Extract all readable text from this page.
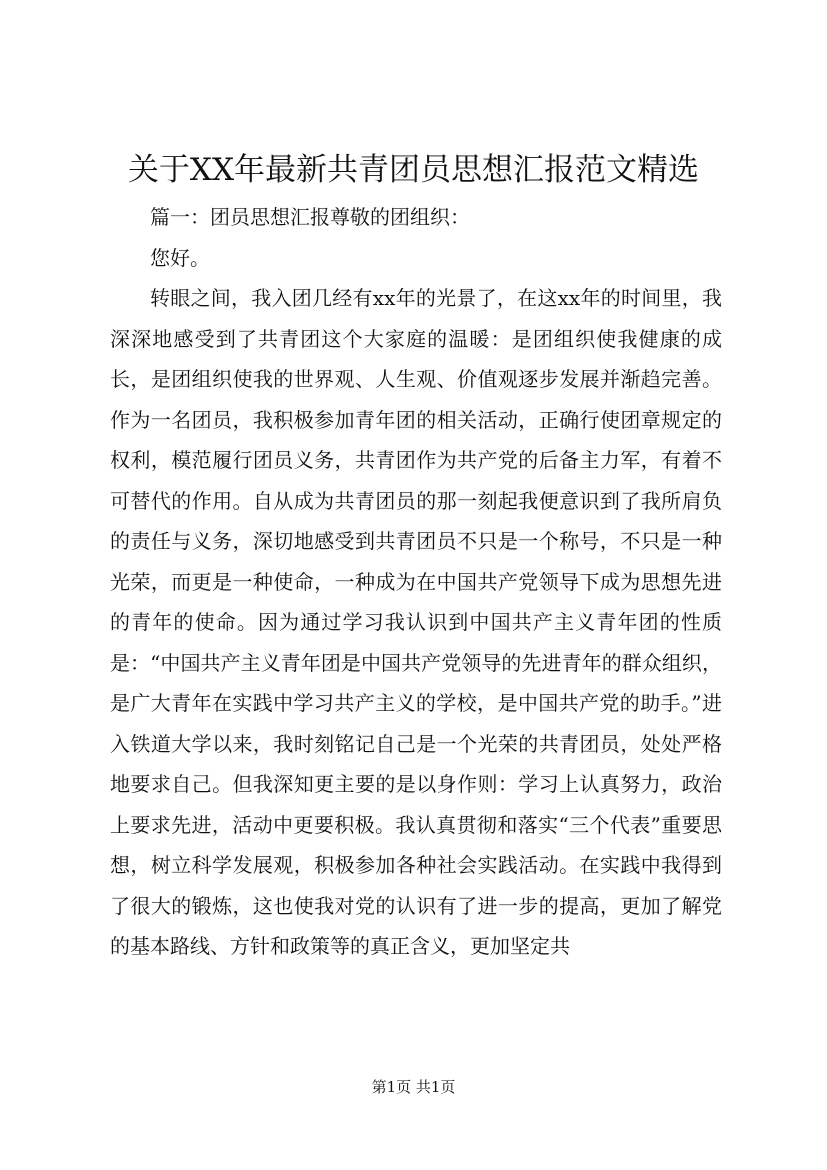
关于XX年最新共青团员思想汇报范文精选

篇一：团员思想汇报尊敬的团组织：

您好。

转眼之间，我入团几经有xx年的光景了，在这xx年的时间里，我深深地感受到了共青团这个大家庭的温暖：是团组织使我健康的成长，是团组织使我的世界观、人生观、价值观逐步发展并渐趋完善。作为一名团员，我积极参加青年团的相关活动，正确行使团章规定的权利，模范履行团员义务，共青团作为共产党的后备主力军，有着不可替代的作用。自从成为共青团员的那一刻起我便意识到了我所肩负的责任与义务，深切地感受到共青团员不只是一个称号，不只是一种光荣，而更是一种使命，一种成为在中国共产党领导下成为思想先进的青年的使命。因为通过学习我认识到中国共产主义青年团的性质是：“中国共产主义青年团是中国共产党领导的先进青年的群众组织，是广大青年在实践中学习共产主义的学校，是中国共产党的助手。”进入铁道大学以来，我时刻铭记自己是一个光荣的共青团员，处处严格地要求自己。但我深知更主要的是以身作则：学习上认真努力，政治上要求先进，活动中更要积极。我认真贯彻和落实“三个代表”重要思想，树立科学发展观，积极参加各种社会实践活动。在实践中我得到了很大的锻炼，这也使我对党的认识有了进一步的提高，更加了解党的基本路线、方针和政策等的真正含义，更加坚定共

第1页 共1页
